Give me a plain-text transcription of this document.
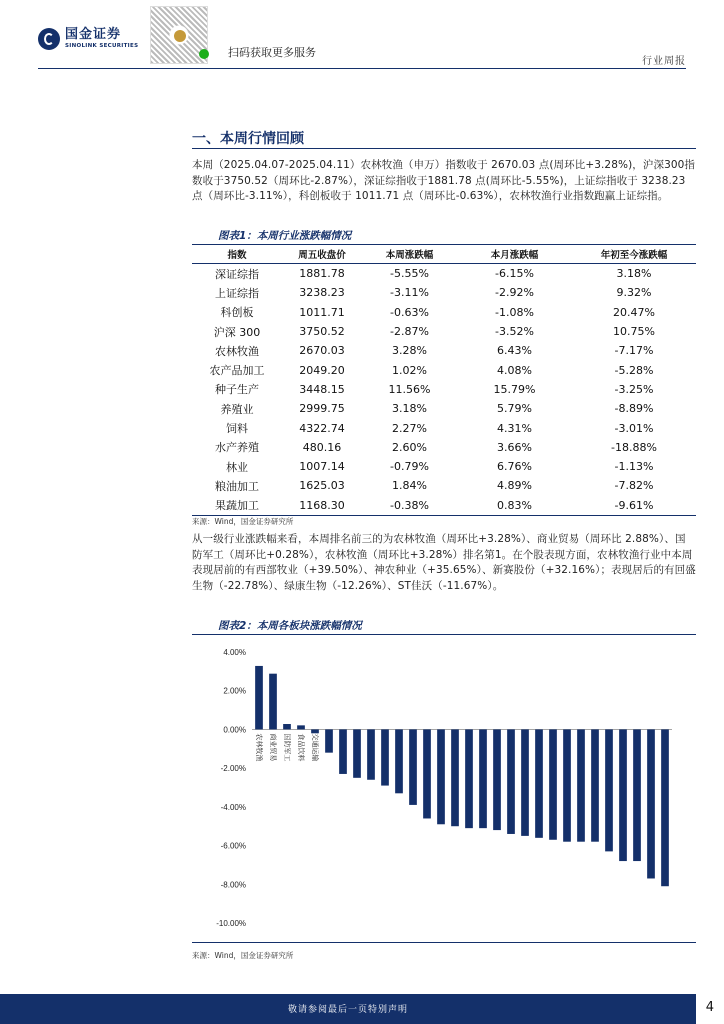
国金证券
SINOLINK SECURITIES	扫码获取更多服务
行业周报
一、本周行情回顾
本周（2025.04.07-2025.04.11）农林牧渔（申万）指数收于 2670.03 点(周环比+3.28%)，沪深300指数收于3750.52（周环比-2.87%），深证综指收于1881.78 点(周环比-5.55%)，上证综指收于 3238.23 点（周环比-3.11%），科创板收于 1011.71 点（周环比-0.63%），农林牧渔行业指数跑赢上证综指。
图表1：本周行业涨跌幅情况
指数	周五收盘价	本周涨跌幅	本月涨跌幅	年初至今涨跌幅
深证综指	1881.78	-5.55%	-6.15%	3.18%
上证综指	3238.23	-3.11%	-2.92%	9.32%
科创板	1011.71	-0.63%	-1.08%	20.47%
沪深 300	3750.52	-2.87%	-3.52%	10.75%
农林牧渔	2670.03	3.28%	6.43%	-7.17%
农产品加工	2049.20	1.02%	4.08%	-5.28%
种子生产	3448.15	11.56%	15.79%	-3.25%
养殖业	2999.75	3.18%	5.79%	-8.89%
饲料	4322.74	2.27%	4.31%	-3.01%
水产养殖	480.16	2.60%	3.66%	-18.88%
林业	1007.14	-0.79%	6.76%	-1.13%
粮油加工	1625.03	1.84%	4.89%	-7.82%
果蔬加工	1168.30	-0.38%	0.83%	-9.61%
来源：Wind，国金证券研究所
从一级行业涨跌幅来看，本周排名前三的为农林牧渔（周环比+3.28%）、商业贸易（周环比 2.88%）、国防军工（周环比+0.28%），农林牧渔（周环比+3.28%）排名第1。在个股表现方面，农林牧渔行业中本周表现居前的有西部牧业（+39.50%）、神农种业（+35.65%）、新赛股份（+32.16%）；表现居后的有回盛生物（-22.78%）、绿康生物（-12.26%）、ST佳沃（-11.67%）。
图表2：本周各板块涨跌幅情况
4.00%
2.00%
0.00%
-2.00%
-4.00%
-6.00%
-8.00%
-10.00%
农林牧渔 商业贸易 国防军工 食品饮料 交通运输
来源：Wind，国金证券研究所
敬请参阅最后一页特别声明	4
